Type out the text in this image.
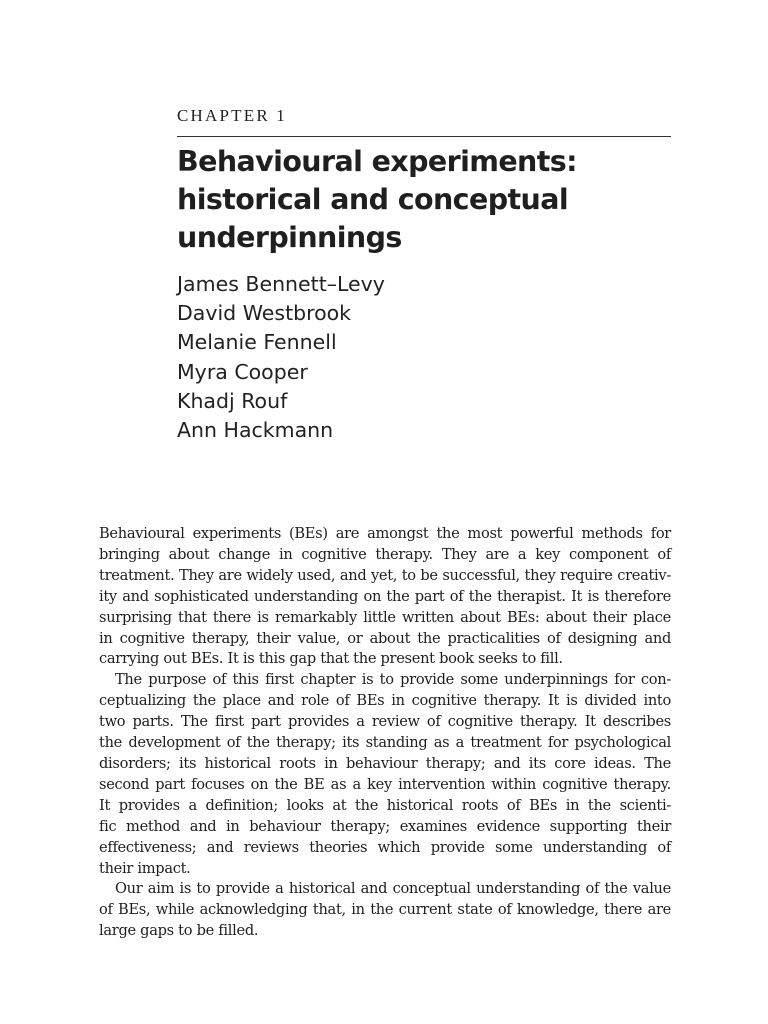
CHAPTER 1
Behavioural experiments:
historical and conceptual
underpinnings
James Bennett–Levy
David Westbrook
Melanie Fennell
Myra Cooper
Khadj Rouf
Ann Hackmann
Behavioural experiments (BEs) are amongst the most powerful methods for
bringing about change in cognitive therapy. They are a key component of
treatment. They are widely used, and yet, to be successful, they require creativ-
ity and sophisticated understanding on the part of the therapist. It is therefore
surprising that there is remarkably little written about BEs: about their place
in cognitive therapy, their value, or about the practicalities of designing and
carrying out BEs. It is this gap that the present book seeks to fill.
The purpose of this first chapter is to provide some underpinnings for con-
ceptualizing the place and role of BEs in cognitive therapy. It is divided into
two parts. The first part provides a review of cognitive therapy. It describes
the development of the therapy; its standing as a treatment for psychological
disorders; its historical roots in behaviour therapy; and its core ideas. The
second part focuses on the BE as a key intervention within cognitive therapy.
It provides a definition; looks at the historical roots of BEs in the scienti-
fic method and in behaviour therapy; examines evidence supporting their
effectiveness; and reviews theories which provide some understanding of
their impact.
Our aim is to provide a historical and conceptual understanding of the value
of BEs, while acknowledging that, in the current state of knowledge, there are
large gaps to be filled.
